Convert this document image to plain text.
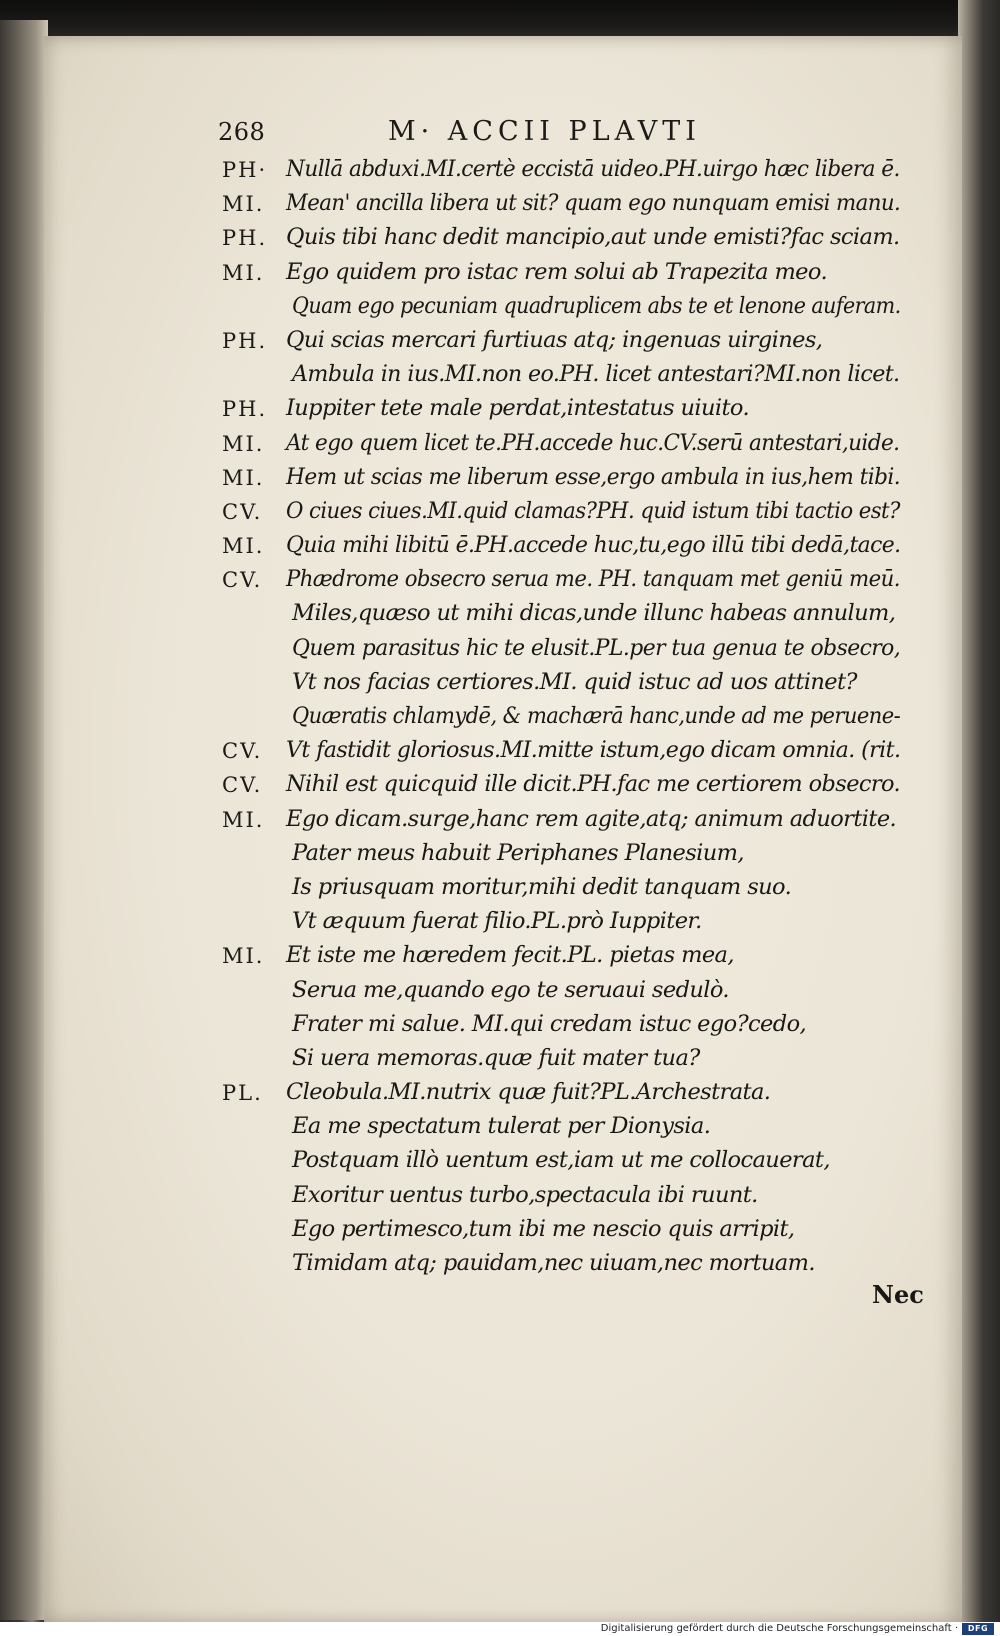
268	M· ACCII PLAVTI
PH· Nullā abduxi.MI.certè eccistā uideo.PH.uirgo hæc libera ē.
MI. Mean' ancilla libera ut sit? quam ego nunquam emisi manu.
PH. Quis tibi hanc dedit mancipio,aut unde emisti?fac sciam.
MI. Ego quidem pro istac rem solui ab Trapezita meo.
Quam ego pecuniam quadruplicem abs te et lenone auferam.
PH. Qui scias mercari furtiuas atq; ingenuas uirgines,
Ambula in ius.MI.non eo.PH. licet antestari?MI.non licet.
PH. Iuppiter tete male perdat,intestatus uiuito.
MI. At ego quem licet te.PH.accede huc.CV.serū antestari,uide.
MI. Hem ut scias me liberum esse,ergo ambula in ius,hem tibi.
CV. O ciues ciues.MI.quid clamas?PH. quid istum tibi tactio est?
MI. Quia mihi libitū ē.PH.accede huc,tu,ego illū tibi dedā,tace.
CV. Phædrome obsecro serua me. PH. tanquam met geniū meū.
Miles,quæso ut mihi dicas,unde illunc habeas annulum,
Quem parasitus hic te elusit.PL.per tua genua te obsecro,
Vt nos facias certiores.MI. quid istuc ad uos attinet?
Quæratis chlamydē, & machærā hanc,unde ad me peruene-
CV. Vt fastidit gloriosus.MI.mitte istum,ego dicam omnia. (rit.
CV. Nihil est quicquid ille dicit.PH.fac me certiorem obsecro.
MI. Ego dicam.surge,hanc rem agite,atq; animum aduortite.
Pater meus habuit Periphanes Planesium,
Is priusquam moritur,mihi dedit tanquam suo.
Vt æquum fuerat filio.PL.prò Iuppiter.
MI. Et iste me hæredem fecit.PL. pietas mea,
Serua me,quando ego te seruaui sedulò.
Frater mi salue. MI.qui credam istuc ego?cedo,
Si uera memoras.quæ fuit mater tua?
PL. Cleobula.MI.nutrix quæ fuit?PL.Archestrata.
Ea me spectatum tulerat per Dionysia.
Postquam illò uentum est,iam ut me collocauerat,
Exoritur uentus turbo,spectacula ibi ruunt.
Ego pertimesco,tum ibi me nescio quis arripit,
Timidam atq; pauidam,nec uiuam,nec mortuam.
Nec
Digitalisierung gefördert durch die Deutsche Forschungsgemeinschaft ·	DFG
